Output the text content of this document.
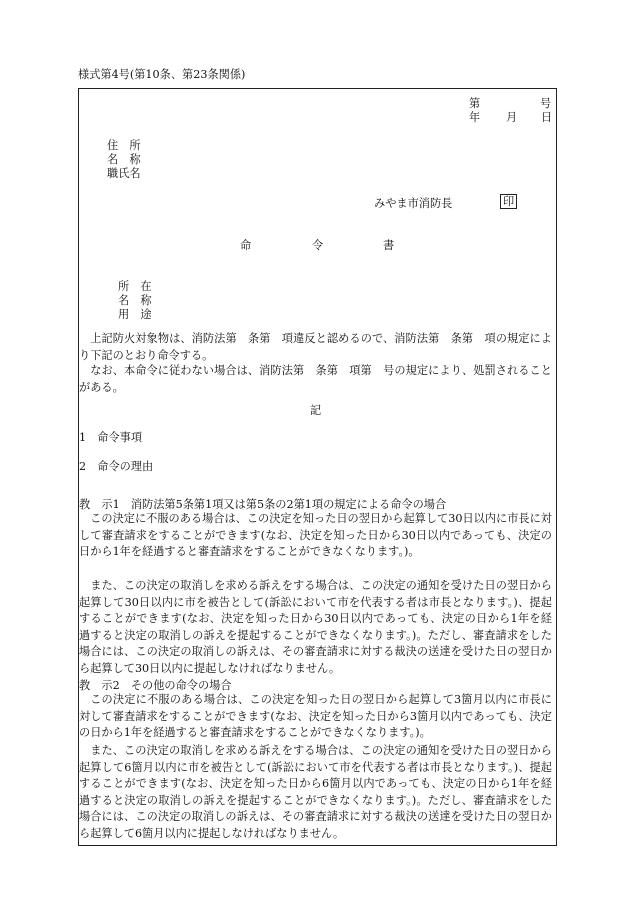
様式第4号(第10条、第23条関係)
第	号
年 月 日
住　所
名　称
職氏名
みやま市消防長	印
命	令	書
所　在
名　称
用　途
上記防火対象物は、消防法第　条第　項違反と認めるので、消防法第　条第　項の規定により下記のとおり命令する。
なお、本命令に従わない場合は、消防法第　条第　項第　号の規定により、処罰されることがある。
記
1　命令事項
2　命令の理由
教　示1　消防法第5条第1項又は第5条の2第1項の規定による命令の場合
この決定に不服のある場合は、この決定を知った日の翌日から起算して30日以内に市長に対して審査請求をすることができます(なお、決定を知った日から30日以内であっても、決定の日から1年を経過すると審査請求をすることができなくなります。)。
また、この決定の取消しを求める訴えをする場合は、この決定の通知を受けた日の翌日から起算して30日以内に市を被告として(訴訟において市を代表する者は市長となります。)、提起することができます(なお、決定を知った日から30日以内であっても、決定の日から1年を経過すると決定の取消しの訴えを提起することができなくなります。)。ただし、審査請求をした場合には、この決定の取消しの訴えは、その審査請求に対する裁決の送達を受けた日の翌日から起算して30日以内に提起しなければなりません。
教　示2　その他の命令の場合
この決定に不服のある場合は、この決定を知った日の翌日から起算して3箇月以内に市長に対して審査請求をすることができます(なお、決定を知った日から3箇月以内であっても、決定の日から1年を経過すると審査請求をすることができなくなります。)。
また、この決定の取消しを求める訴えをする場合は、この決定の通知を受けた日の翌日から起算して6箇月以内に市を被告として(訴訟において市を代表する者は市長となります。)、提起することができます(なお、決定を知った日から6箇月以内であっても、決定の日から1年を経過すると決定の取消しの訴えを提起することができなくなります。)。ただし、審査請求をした場合には、この決定の取消しの訴えは、その審査請求に対する裁決の送達を受けた日の翌日から起算して6箇月以内に提起しなければなりません。
